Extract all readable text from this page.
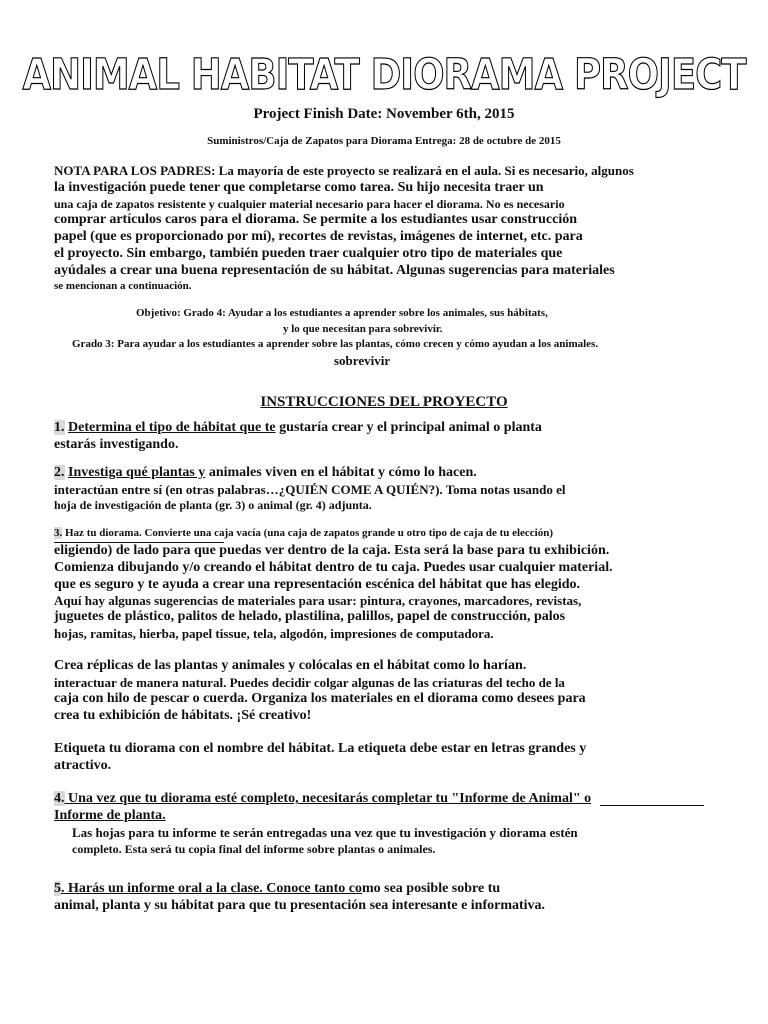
ANIMAL HABITAT DIORAMA PROJECT
Project Finish Date: November 6th, 2015
Suministros/Caja de Zapatos para Diorama Entrega: 28 de octubre de 2015
NOTA PARA LOS PADRES: La mayoría de este proyecto se realizará en el aula. Si es necesario, algunos
la investigación puede tener que completarse como tarea. Su hijo necesita traer un
una caja de zapatos resistente y cualquier material necesario para hacer el diorama. No es necesario
comprar artículos caros para el diorama. Se permite a los estudiantes usar construcción
papel (que es proporcionado por mí), recortes de revistas, imágenes de internet, etc. para
el proyecto. Sin embargo, también pueden traer cualquier otro tipo de materiales que
ayúdales a crear una buena representación de su hábitat. Algunas sugerencias para materiales
se mencionan a continuación.
Objetivo: Grado 4: Ayudar a los estudiantes a aprender sobre los animales, sus hábitats,
y lo que necesitan para sobrevivir.
Grado 3: Para ayudar a los estudiantes a aprender sobre las plantas, cómo crecen y cómo ayudan a los animales.
sobrevivir
INSTRUCCIONES DEL PROYECTO
1. Determina el tipo de hábitat que te gustaría crear y el principal animal o planta
estarás investigando.
2. Investiga qué plantas y animales viven en el hábitat y cómo lo hacen.
interactúan entre sí (en otras palabras…¿QUIÉN COME A QUIÉN?). Toma notas usando el
hoja de investigación de planta (gr. 3) o animal (gr. 4) adjunta.
3. Haz tu diorama. Convierte una caja vacía (una caja de zapatos grande u otro tipo de caja de tu elección)
eligiendo) de lado para que puedas ver dentro de la caja. Esta será la base para tu exhibición.
Comienza dibujando y/o creando el hábitat dentro de tu caja. Puedes usar cualquier material.
que es seguro y te ayuda a crear una representación escénica del hábitat que has elegido.
Aquí hay algunas sugerencias de materiales para usar: pintura, crayones, marcadores, revistas,
juguetes de plástico, palitos de helado, plastilina, palillos, papel de construcción, palos
hojas, ramitas, hierba, papel tissue, tela, algodón, impresiones de computadora.
Crea réplicas de las plantas y animales y colócalas en el hábitat como lo harían.
interactuar de manera natural. Puedes decidir colgar algunas de las criaturas del techo de la
caja con hilo de pescar o cuerda. Organiza los materiales en el diorama como desees para
crea tu exhibición de hábitats. ¡Sé creativo!
Etiqueta tu diorama con el nombre del hábitat. La etiqueta debe estar en letras grandes y
atractivo.
4. Una vez que tu diorama esté completo, necesitarás completar tu "Informe de Animal" o
Informe de planta.
Las hojas para tu informe te serán entregadas una vez que tu investigación y diorama estén
completo. Esta será tu copia final del informe sobre plantas o animales.
5. Harás un informe oral a la clase. Conoce tanto como sea posible sobre tu
animal, planta y su hábitat para que tu presentación sea interesante e informativa.
